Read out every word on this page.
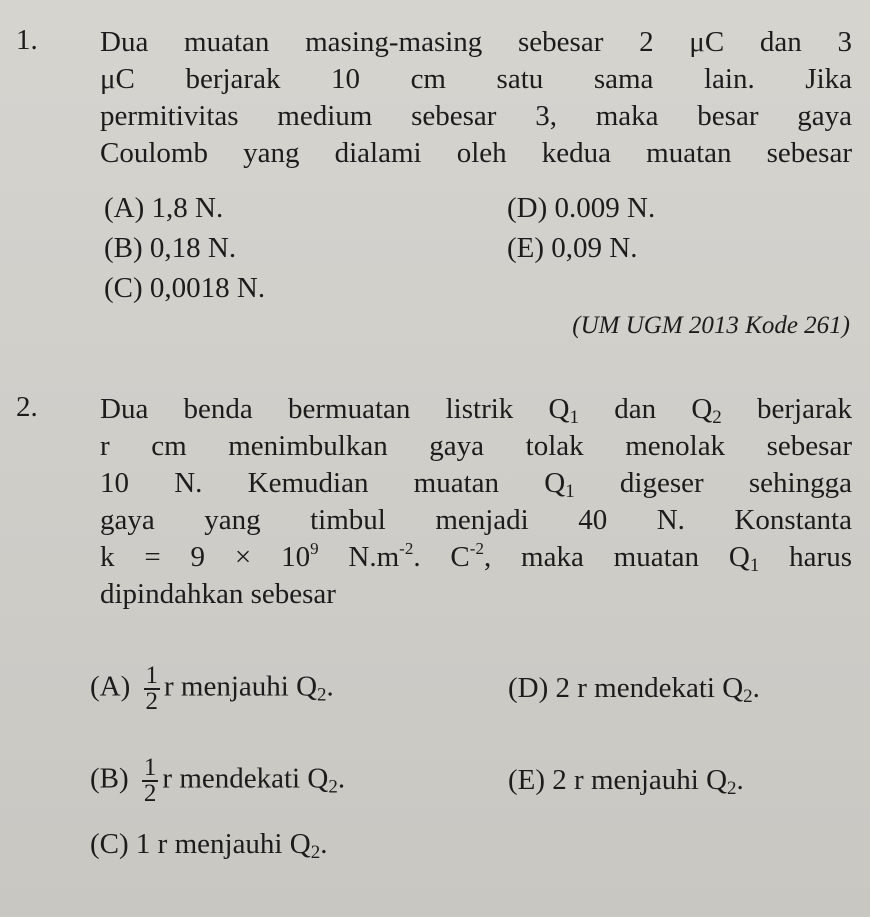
1. Dua muatan masing-masing sebesar 2 μC dan 3
μC berjarak 10 cm satu sama lain. Jika
permitivitas medium sebesar 3, maka besar gaya
Coulomb yang dialami oleh kedua muatan sebesar
(A) 1,8 N.	(D) 0.009 N.
(B) 0,18 N.	(E) 0,09 N.
(C) 0,0018 N.
(UM UGM 2013 Kode 261)
2. Dua benda bermuatan listrik $Q_1$ dan $Q_2$ berjarak
r cm menimbulkan gaya tolak menolak sebesar
10 N. Kemudian muatan $Q_1$ digeser sehingga
gaya yang timbul menjadi 40 N. Konstanta
$k = 9 \times 10^9$ $N.m^{-2}$. $C^{-2}$, maka muatan $Q_1$ harus
dipindahkan sebesar
$(A) \frac{1}{2}$ r menjauhi $Q_2$.	(D) 2 r mendekati $Q_2$.
$(B) \frac{1}{2}$ r mendekati $Q_2$.	(E) 2 r menjauhi $Q_2$.
(C) 1 r menjauhi $Q_2$.
